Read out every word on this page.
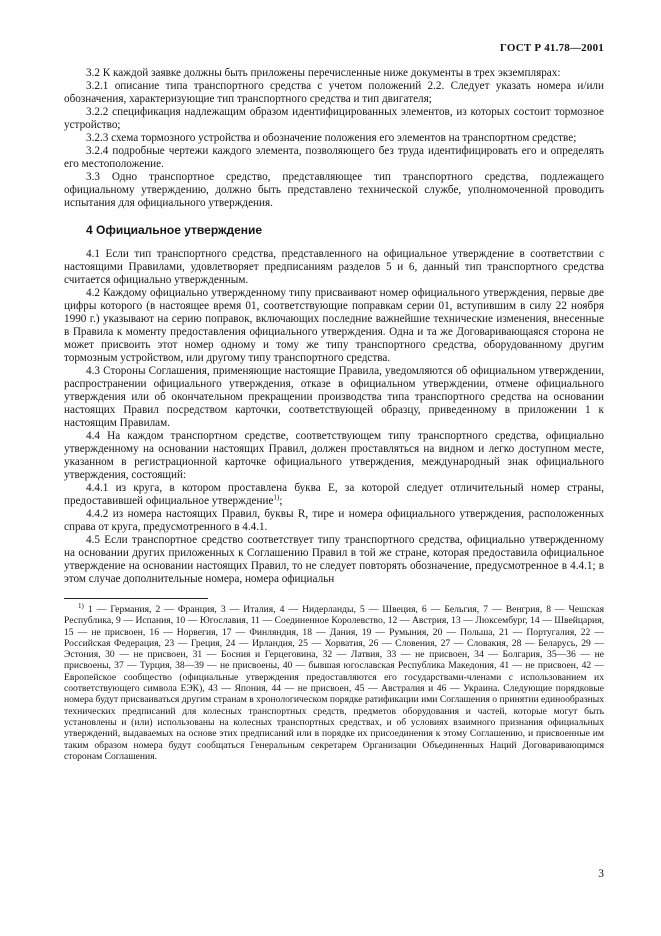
ГОСТ Р 41.78—2001

3.2 К каждой заявке должны быть приложены перечисленные ниже документы в трех экземплярах:

3.2.1 описание типа транспортного средства с учетом положений 2.2. Следует указать номера и/или обозначения, характеризующие тип транспортного средства и тип двигателя;

3.2.2 спецификация надлежащим образом идентифицированных элементов, из которых состоит тормозное устройство;

3.2.3 схема тормозного устройства и обозначение положения его элементов на транспортном средстве;

3.2.4 подробные чертежи каждого элемента, позволяющего без труда идентифицировать его и определять его местоположение.

3.3 Одно транспортное средство, представляющее тип транспортного средства, подлежащего официальному утверждению, должно быть представлено технической службе, уполномоченной проводить испытания для официального утверждения.

4 Официальное утверждение

4.1 Если тип транспортного средства, представленного на официальное утверждение в соответствии с настоящими Правилами, удовлетворяет предписаниям разделов 5 и 6, данный тип транспортного средства считается официально утвержденным.

4.2 Каждому официально утвержденному типу присваивают номер официального утверждения, первые две цифры которого (в настоящее время 01, соответствующие поправкам серии 01, вступившим в силу 22 ноября 1990 г.) указывают на серию поправок, включающих последние важнейшие технические изменения, внесенные в Правила к моменту предоставления официального утверждения. Одна и та же Договаривающаяся сторона не может присвоить этот номер одному и тому же типу транспортного средства, оборудованному другим тормозным устройством, или другому типу транспортного средства.

4.3 Стороны Соглашения, применяющие настоящие Правила, уведомляются об официальном утверждении, распространении официального утверждения, отказе в официальном утверждении, отмене официального утверждения или об окончательном прекращении производства типа транспортного средства на основании настоящих Правил посредством карточки, соответствующей образцу, приведенному в приложении 1 к настоящим Правилам.

4.4 На каждом транспортном средстве, соответствующем типу транспортного средства, официально утвержденному на основании настоящих Правил, должен проставляться на видном и легко доступном месте, указанном в регистрационной карточке официального утверждения, международный знак официального утверждения, состоящий:

4.4.1 из круга, в котором проставлена буква Е, за которой следует отличительный номер страны, предоставившей официальное утверждение$^{1)}$;

4.4.2 из номера настоящих Правил, буквы R, тире и номера официального утверждения, расположенных справа от круга, предусмотренного в 4.4.1.

4.5 Если транспортное средство соответствует типу транспортного средства, официально утвержденному на основании других приложенных к Соглашению Правил в той же стране, которая предоставила официальное утверждение на основании настоящих Правил, то не следует повторять обозначение, предусмотренное в 4.4.1; в этом случае дополнительные номера, номера официальн

$^{1)}$ 1 — Германия, 2 — Франция, 3 — Италия, 4 — Нидерланды, 5 — Швеция, 6 — Бельгия, 7 — Венгрия, 8 — Чешская Республика, 9 — Испания, 10 — Югославия, 11 — Соединенное Королевство, 12 — Австрия, 13 — Люксембург, 14 — Швейцария, 15 — не присвоен, 16 — Норвегия, 17 — Финляндия, 18 — Дания, 19 — Румыния, 20 — Польша, 21 — Португалия, 22 — Российская Федерация, 23 — Греция, 24 — Ирландия, 25 — Хорватия, 26 — Словения, 27 — Словакия, 28 — Беларусь, 29 — Эстония, 30 — не присвоен, 31 — Босния и Герцеговина, 32 — Латвия, 33 — не присвоен, 34 — Болгария, 35—36 — не присвоены, 37 — Турция, 38—39 — не присвоены, 40 — бывшая югославская Республика Македония, 41 — не присвоен, 42 — Европейское сообщество (официальные утверждения предоставляются его государствами-членами с использованием их соответствующего символа ЕЭК), 43 — Япония, 44 — не присвоен, 45 — Австралия и 46 — Украина. Следующие порядковые номера будут присваиваться другим странам в хронологическом порядке ратификации ими Соглашения о принятии единообразных технических предписаний для колесных транспортных средств, предметов оборудования и частей, которые могут быть установлены и (или) использованы на колесных транспортных средствах, и об условиях взаимного признания официальных утверждений, выдаваемых на основе этих предписаний или в порядке их присоединения к этому Соглашению, и присвоенные им таким образом номера будут сообщаться Генеральным секретарем Организации Объединенных Наций Договаривающимся сторонам Соглашения.

3
